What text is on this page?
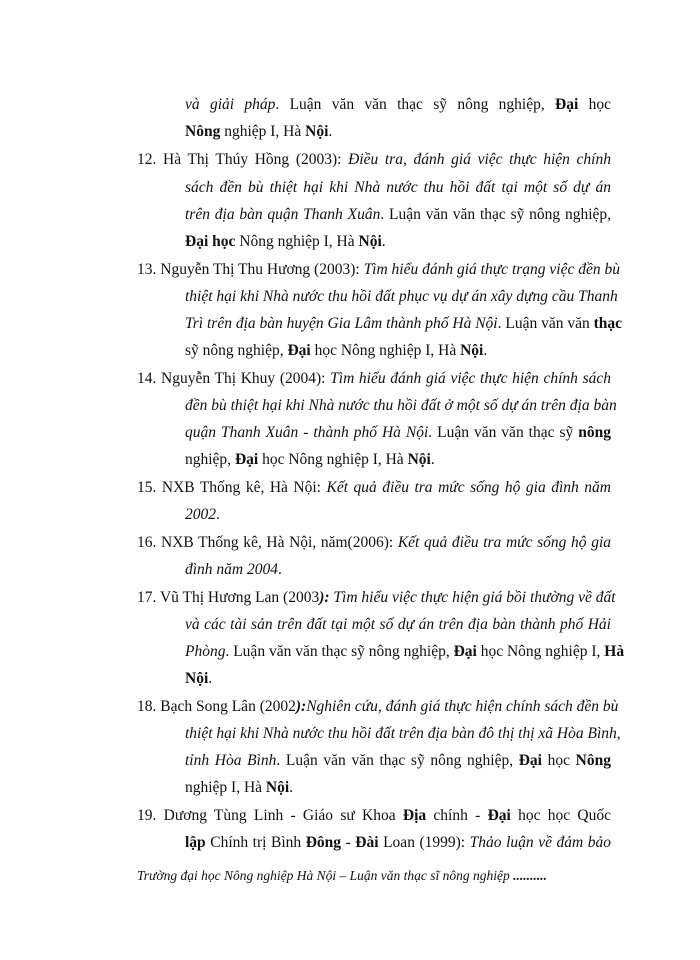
và giải pháp. Luận văn văn thạc sỹ nông nghiệp, Đại học
Nông nghiệp I, Hà Nội.
12. Hà Thị Thúy Hồng (2003): Điều tra, đánh giá việc thực hiện chính
sách đền bù thiệt hại khi Nhà nước thu hồi đất tại một số dự án
trên địa bàn quận Thanh Xuân. Luận văn văn thạc sỹ nông nghiệp,
Đại học Nông nghiệp I, Hà Nội.
13. Nguyễn Thị Thu Hương (2003): Tìm hiểu đánh giá thực trạng việc đền bù
thiệt hại khi Nhà nước thu hồi đất phục vụ dự án xây dựng cầu Thanh
Trì trên địa bàn huyện Gia Lâm thành phố Hà Nội. Luận văn văn thạc
sỹ nông nghiệp, Đại học Nông nghiệp I, Hà Nội.
14. Nguyễn Thị Khuy (2004): Tìm hiểu đánh giá việc thực hiện chính sách
đền bù thiệt hại khi Nhà nước thu hồi đất ở một số dự án trên địa bàn
quận Thanh Xuân - thành phố Hà Nội. Luận văn văn thạc sỹ nông
nghiệp, Đại học Nông nghiệp I, Hà Nội.
15. NXB Thống kê, Hà Nội: Kết quả điều tra mức sống hộ gia đình năm
2002.
16. NXB Thống kê, Hà Nội, năm(2006): Kết quả điều tra mức sống hộ gia
đình năm 2004.
17. Vũ Thị Hương Lan (2003): Tìm hiểu việc thực hiện giá bồi thường về đất
và các tài sản trên đất tại một số dự án trên địa bàn thành phố Hải
Phòng. Luận văn văn thạc sỹ nông nghiệp, Đại học Nông nghiệp I, Hà
Nội.
18. Bạch Song Lân (2002):Nghiên cứu, đánh giá thực hiện chính sách đền bù
thiệt hại khi Nhà nước thu hồi đất trên địa bàn đô thị thị xã Hòa Bình,
tỉnh Hòa Bình. Luận văn văn thạc sỹ nông nghiệp, Đại học Nông
nghiệp I, Hà Nội.
19. Dương Tùng Linh - Giáo sư Khoa Địa chính - Đại học học Quốc
lập Chính trị Bình Đông - Đài Loan (1999): Thảo luận về đảm bảo
Trường đại học Nông nghiệp Hà Nội – Luận văn thạc sĩ nông nghiệp ..........
